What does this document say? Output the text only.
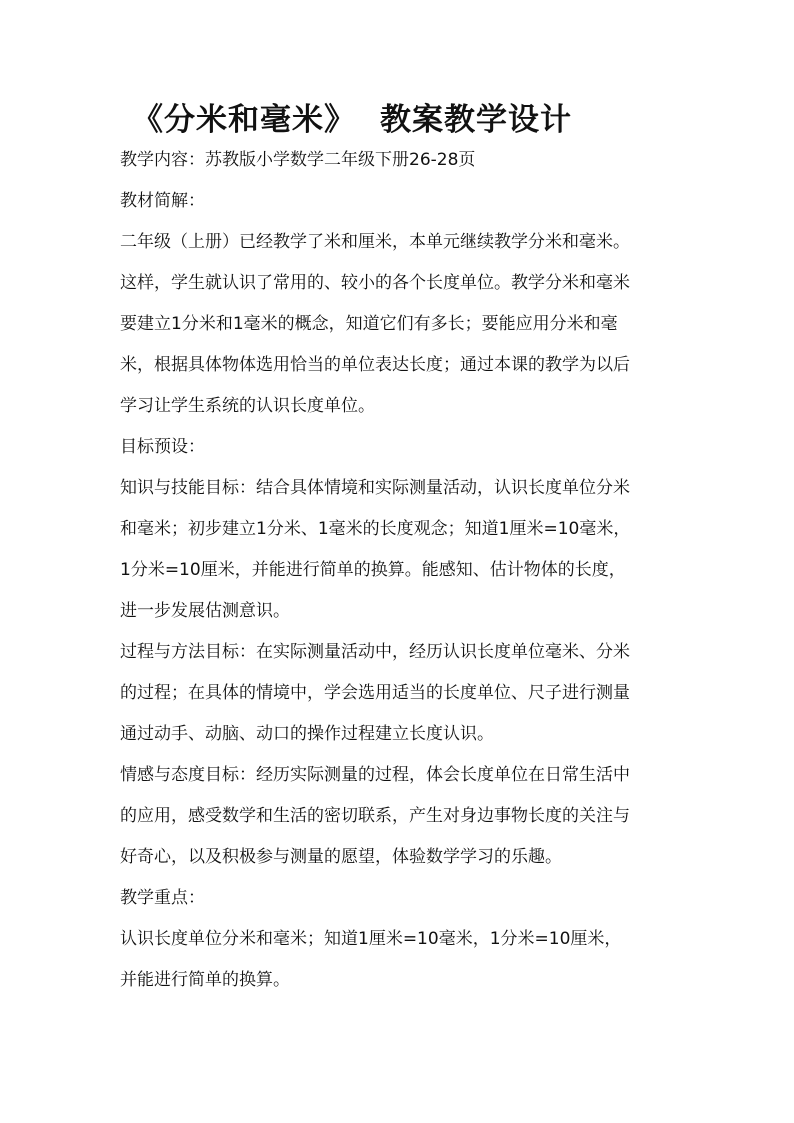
《分米和毫米》 教案教学设计
教学内容：苏教版小学数学二年级下册26-28页
教材简解：
二年级（上册）已经教学了米和厘米，本单元继续教学分米和毫米。
这样，学生就认识了常用的、较小的各个长度单位。教学分米和毫米
要建立1分米和1毫米的概念，知道它们有多长；要能应用分米和毫
米，根据具体物体选用恰当的单位表达长度；通过本课的教学为以后
学习让学生系统的认识长度单位。
目标预设：
知识与技能目标：结合具体情境和实际测量活动，认识长度单位分米
和毫米；初步建立1分米、1毫米的长度观念；知道1厘米=10毫米，
1分米=10厘米，并能进行简单的换算。能感知、估计物体的长度，
进一步发展估测意识。
过程与方法目标：在实际测量活动中，经历认识长度单位毫米、分米
的过程；在具体的情境中，学会选用适当的长度单位、尺子进行测量
通过动手、动脑、动口的操作过程建立长度认识。
情感与态度目标：经历实际测量的过程，体会长度单位在日常生活中
的应用，感受数学和生活的密切联系，产生对身边事物长度的关注与
好奇心，以及积极参与测量的愿望，体验数学学习的乐趣。
教学重点：
认识长度单位分米和毫米；知道1厘米=10毫米，1分米=10厘米，
并能进行简单的换算。
